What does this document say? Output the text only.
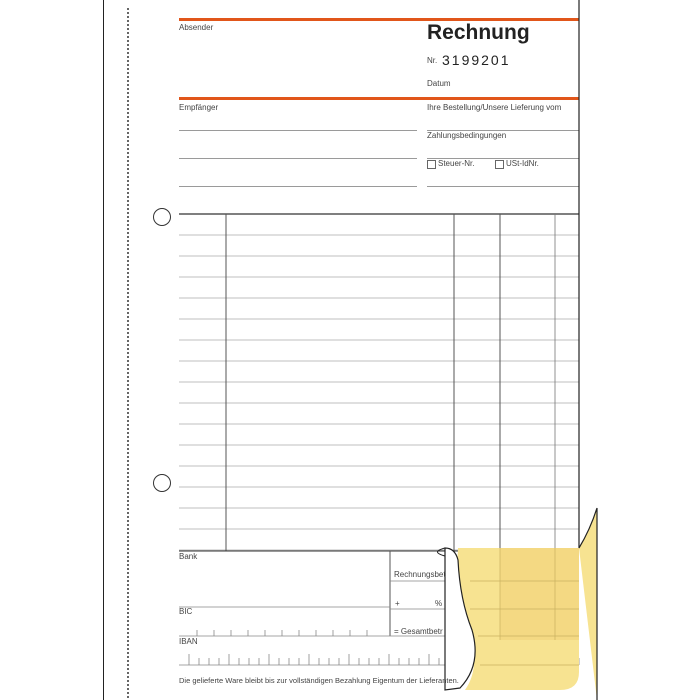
Absender	Rechnung
Nr. 3199201
Datum
Empfänger	Ihre Bestellung/Unsere Lieferung vom
Zahlungsbedingungen
Steuer-Nr.	USt-IdNr.
Bank
Rechnungsbet
+	%
= Gesamtbetr
BIC
IBAN
Die gelieferte Ware bleibt bis zur vollständigen Bezahlung Eigentum der Lieferanten.
